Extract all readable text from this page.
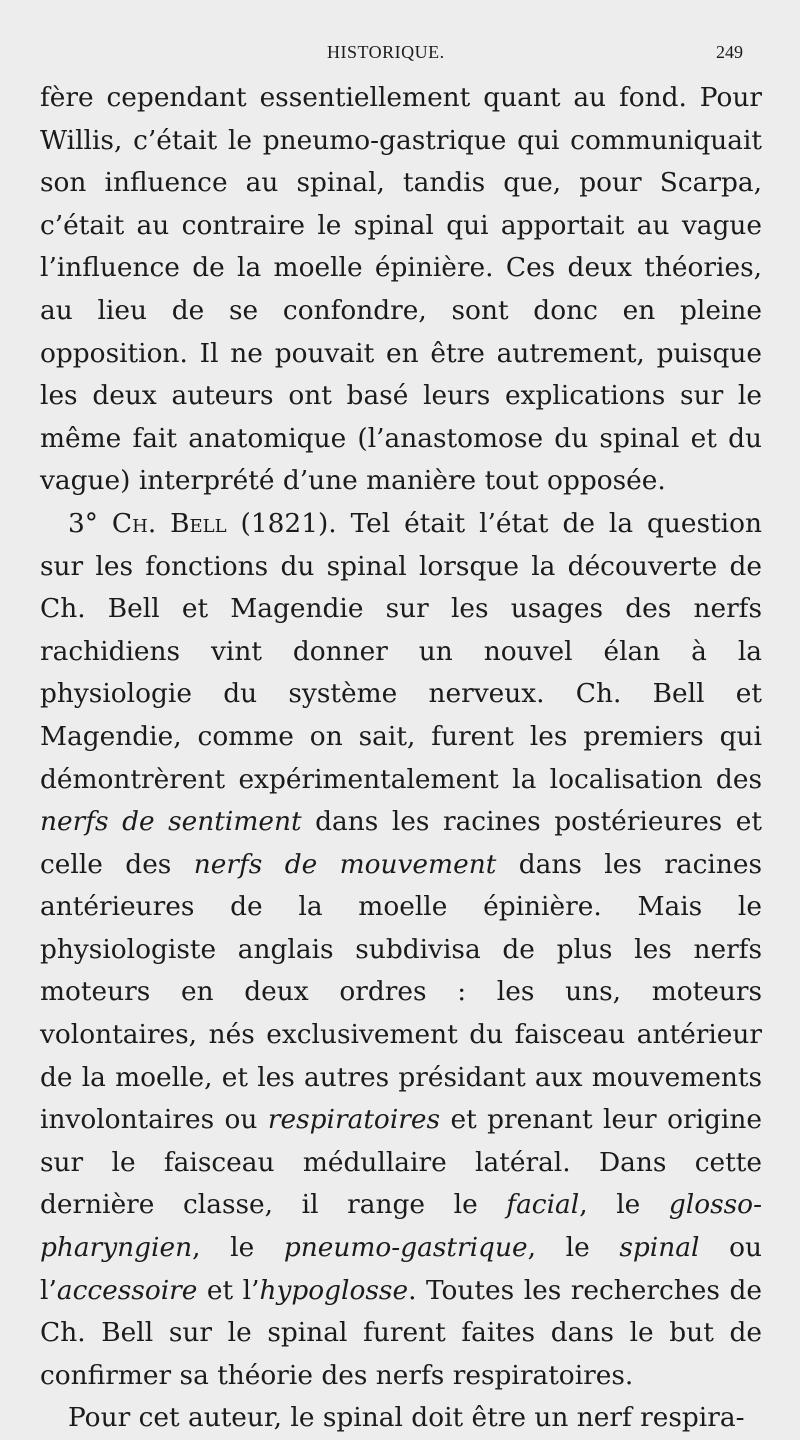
HISTORIQUE.	249

fère cependant essentiellement quant au fond. Pour Willis, c’était le pneumo-gastrique qui communiquait son influence au spinal, tandis que, pour Scarpa, c’était au contraire le spinal qui apportait au vague l’influence de la moelle épinière. Ces deux théories, au lieu de se confondre, sont donc en pleine opposition. Il ne pouvait en être autrement, puisque les deux auteurs ont basé leurs explications sur le même fait anatomique (l’anastomose du spinal et du vague) interprété d’une manière tout opposée.

3° Ch. Bell (1821). Tel était l’état de la question sur les fonctions du spinal lorsque la découverte de Ch. Bell et Magendie sur les usages des nerfs rachidiens vint donner un nouvel élan à la physiologie du système nerveux. Ch. Bell et Magendie, comme on sait, furent les premiers qui démontrèrent expérimentalement la localisation des nerfs de sentiment dans les racines postérieures et celle des nerfs de mouvement dans les racines antérieures de la moelle épinière. Mais le physiologiste anglais subdivisa de plus les nerfs moteurs en deux ordres : les uns, moteurs volontaires, nés exclusivement du faisceau antérieur de la moelle, et les autres présidant aux mouvements involontaires ou respiratoires et prenant leur origine sur le faisceau médullaire latéral. Dans cette dernière classe, il range le facial, le glosso-pharyngien, le pneumo-gastrique, le spinal ou l’accessoire et l’hypoglosse. Toutes les recherches de Ch. Bell sur le spinal furent faites dans le but de confirmer sa théorie des nerfs respiratoires.

Pour cet auteur, le spinal doit être un nerf respira-
